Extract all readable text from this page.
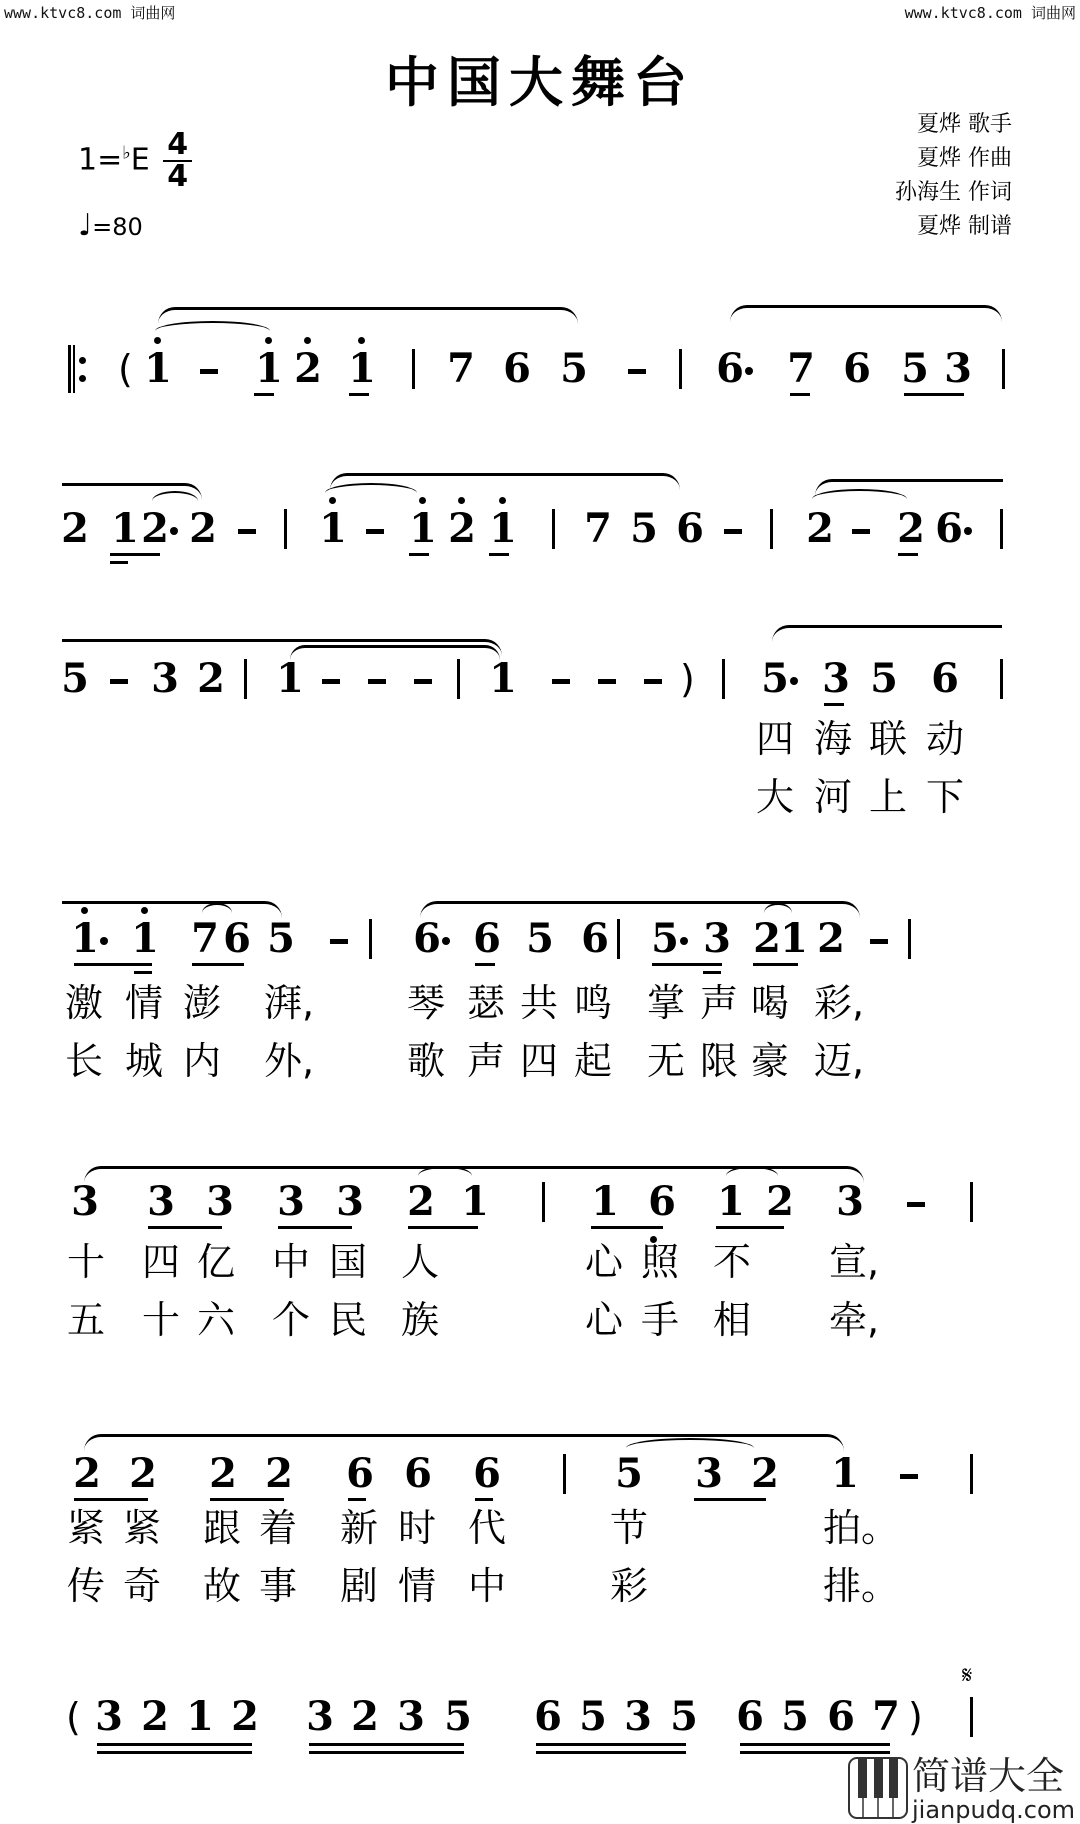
www.ktvc8.com 词曲网	www.ktvc8.com 词曲网
中国大舞台
$1=^♭E \frac{4}{4}$
♩=80
夏烨 歌手
夏烨 作曲
孙海生 作词
夏烨 制谱
( 1 1 2 1 7 6 5	6 7 6 5 3
2 1 2 2	1 1 2 1 7 5 6	2 2 6
5 3 2 1	1	) 5 3 5 6
四 海 联 动
大 河 上 下
1 1 7 6 5	6 6 5 6 5 3 2 1 2
激 情 澎 湃,	琴 瑟 共 鸣 掌 声 喝 彩,
长 城 内 外,	歌 声 四 起 无 限 豪 迈,
3 3 3 3 3 2 1	1 6 1 2 3
十 四 亿 中 国 人	心 照 不 宣,
五 十 六 个 民 族	心 手 相 牵,
2 2 2 2 6 6 6	5 3 2 1
紧 紧 跟 着 新 时 代	节	拍。
传 奇 故 事 剧 情 中	彩	排。
( 3 2 1 2 3 2 3 5 6 5 3 5 6 5 6 7 )
𝄋
简谱大全
jianpudq.com
